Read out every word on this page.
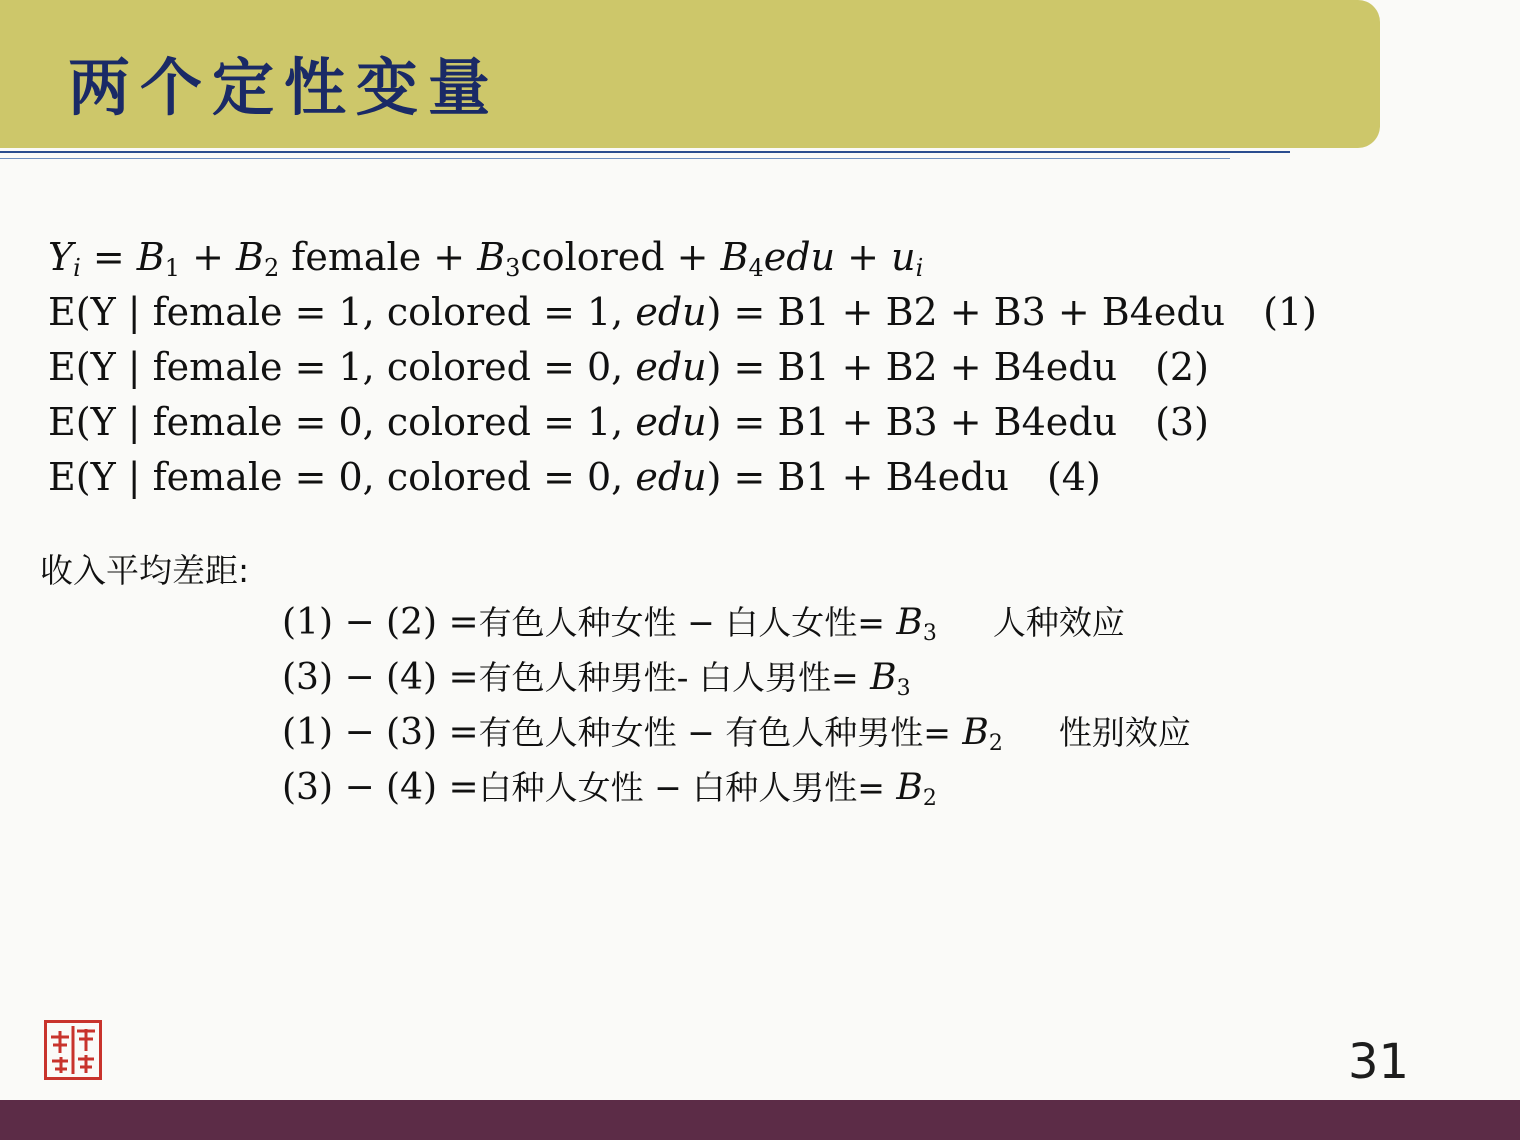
两个定性变量
$Y_i = B_1 + B_2$ female + $B_3colored + B_4edu + u_i$
E(Y | female = 1, colored = 1, edu) = B1 + B2 + B3 + B4edu (1)
E(Y | female = 1, colored = 0, edu) = B1 + B2 + B4edu (2)
E(Y | female = 0, colored = 1, edu) = B1 + B3 + B4edu (3)
E(Y | female = 0, colored = 0, edu) = B1 + B4edu (4)
收入平均差距:
(1) − (2) =有色人种女性 − 白人女性= $B_3$ 人种效应
(3) − (4) =有色人种男性- 白人男性= $B_3$
(1) − (3) =有色人种女性 − 有色人种男性= $B_2$ 性别效应
(3) − (4) =白种人女性 − 白种人男性= $B_2$
31
